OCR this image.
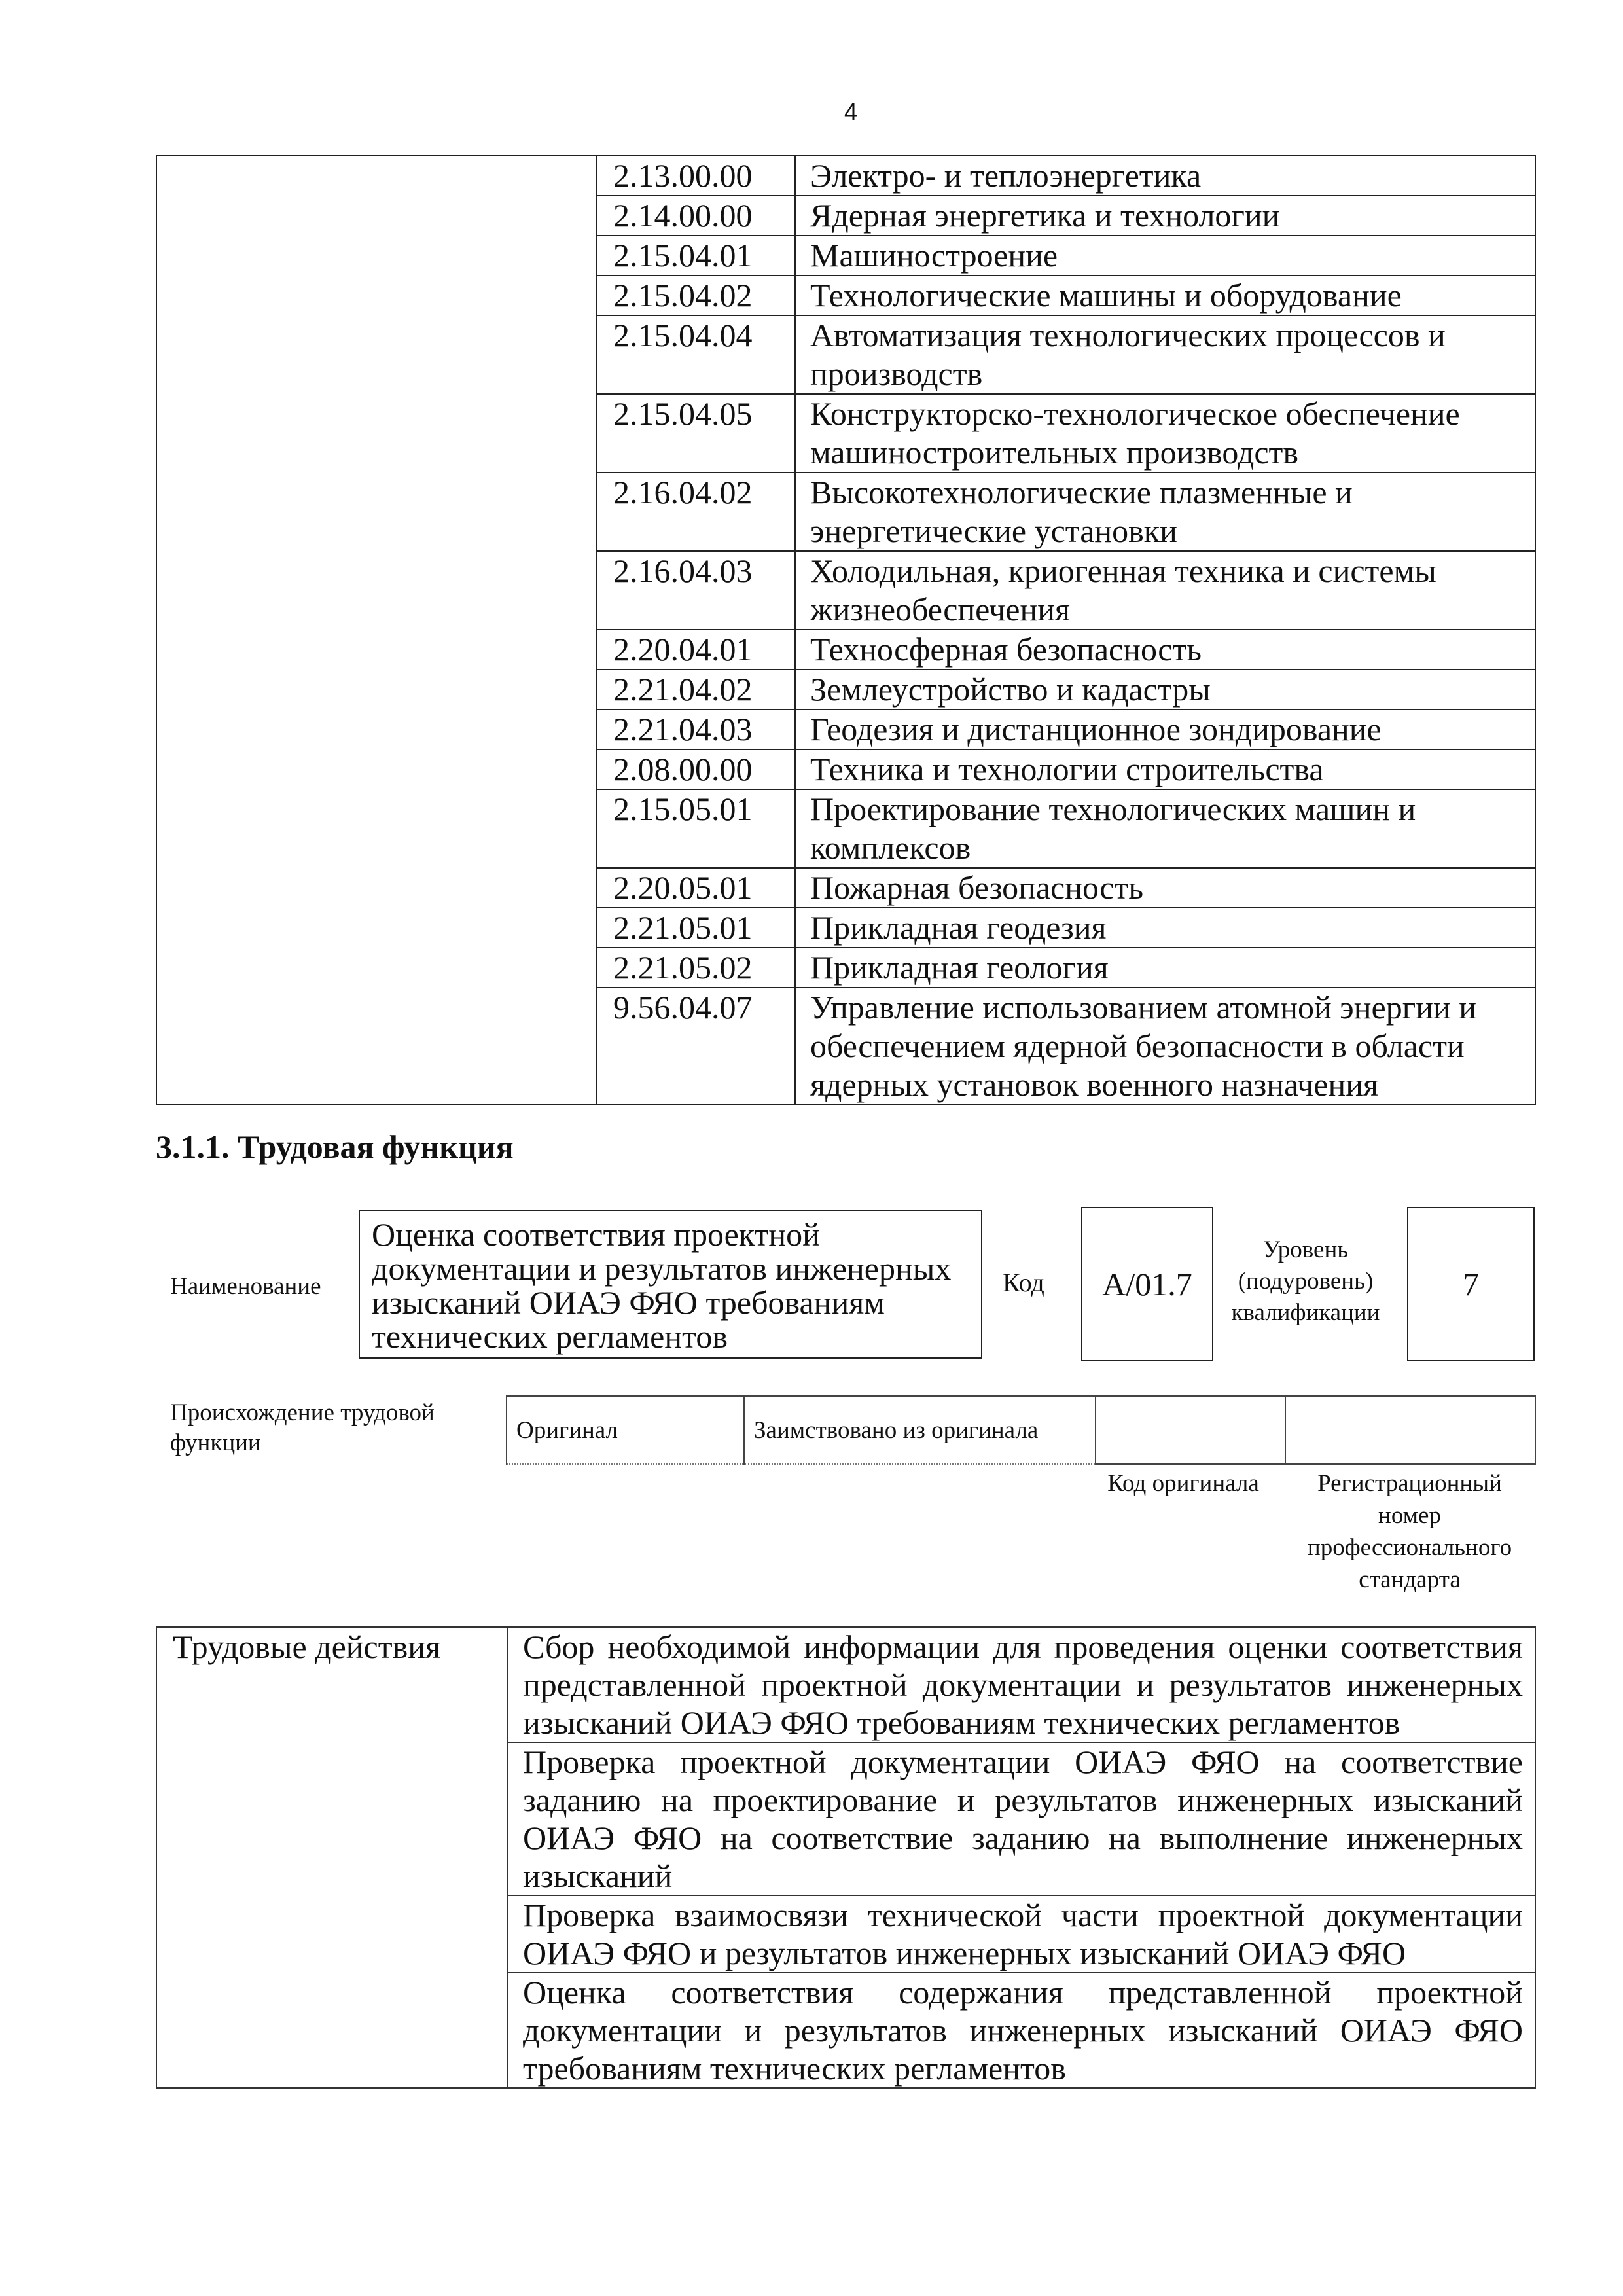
4
	2.13.00.00	Электро- и теплоэнергетика
	2.14.00.00	Ядерная энергетика и технологии
	2.15.04.01	Машиностроение
	2.15.04.02	Технологические машины и оборудование
	2.15.04.04	Автоматизация технологических процессов и производств
	2.15.04.05	Конструкторско-технологическое обеспечение машиностроительных производств
	2.16.04.02	Высокотехнологические плазменные и энергетические установки
	2.16.04.03	Холодильная, криогенная техника и системы жизнеобеспечения
	2.20.04.01	Техносферная безопасность
	2.21.04.02	Землеустройство и кадастры
	2.21.04.03	Геодезия и дистанционное зондирование
	2.08.00.00	Техника и технологии строительства
	2.15.05.01	Проектирование технологических машин и комплексов
	2.20.05.01	Пожарная безопасность
	2.21.05.01	Прикладная геодезия
	2.21.05.02	Прикладная геология
	9.56.04.07	Управление использованием атомной энергии и обеспечением ядерной безопасности в области ядерных установок военного назначения
3.1.1. Трудовая функция
Наименование
Оценка соответствия проектной документации и результатов инженерных изысканий ОИАЭ ФЯО требованиям технических регламентов
Код А/01.7
Уровень (подуровень) квалификации
7
Происхождение трудовой функции	Оригинал	Заимствовано из оригинала		
Код оригинала	Регистрационный номер профессионального стандарта
Трудовые действия	Сбор необходимой информации для проведения оценки соответствия представленной проектной документации и результатов инженерных изысканий ОИАЭ ФЯО требованиям технических регламентов
Проверка проектной документации ОИАЭ ФЯО на соответствие заданию на проектирование и результатов инженерных изысканий ОИАЭ ФЯО на соответствие заданию на выполнение инженерных изысканий
Проверка взаимосвязи технической части проектной документации ОИАЭ ФЯО и результатов инженерных изысканий ОИАЭ ФЯО
Оценка соответствия содержания представленной проектной документации и результатов инженерных изысканий ОИАЭ ФЯО требованиям технических регламентов
